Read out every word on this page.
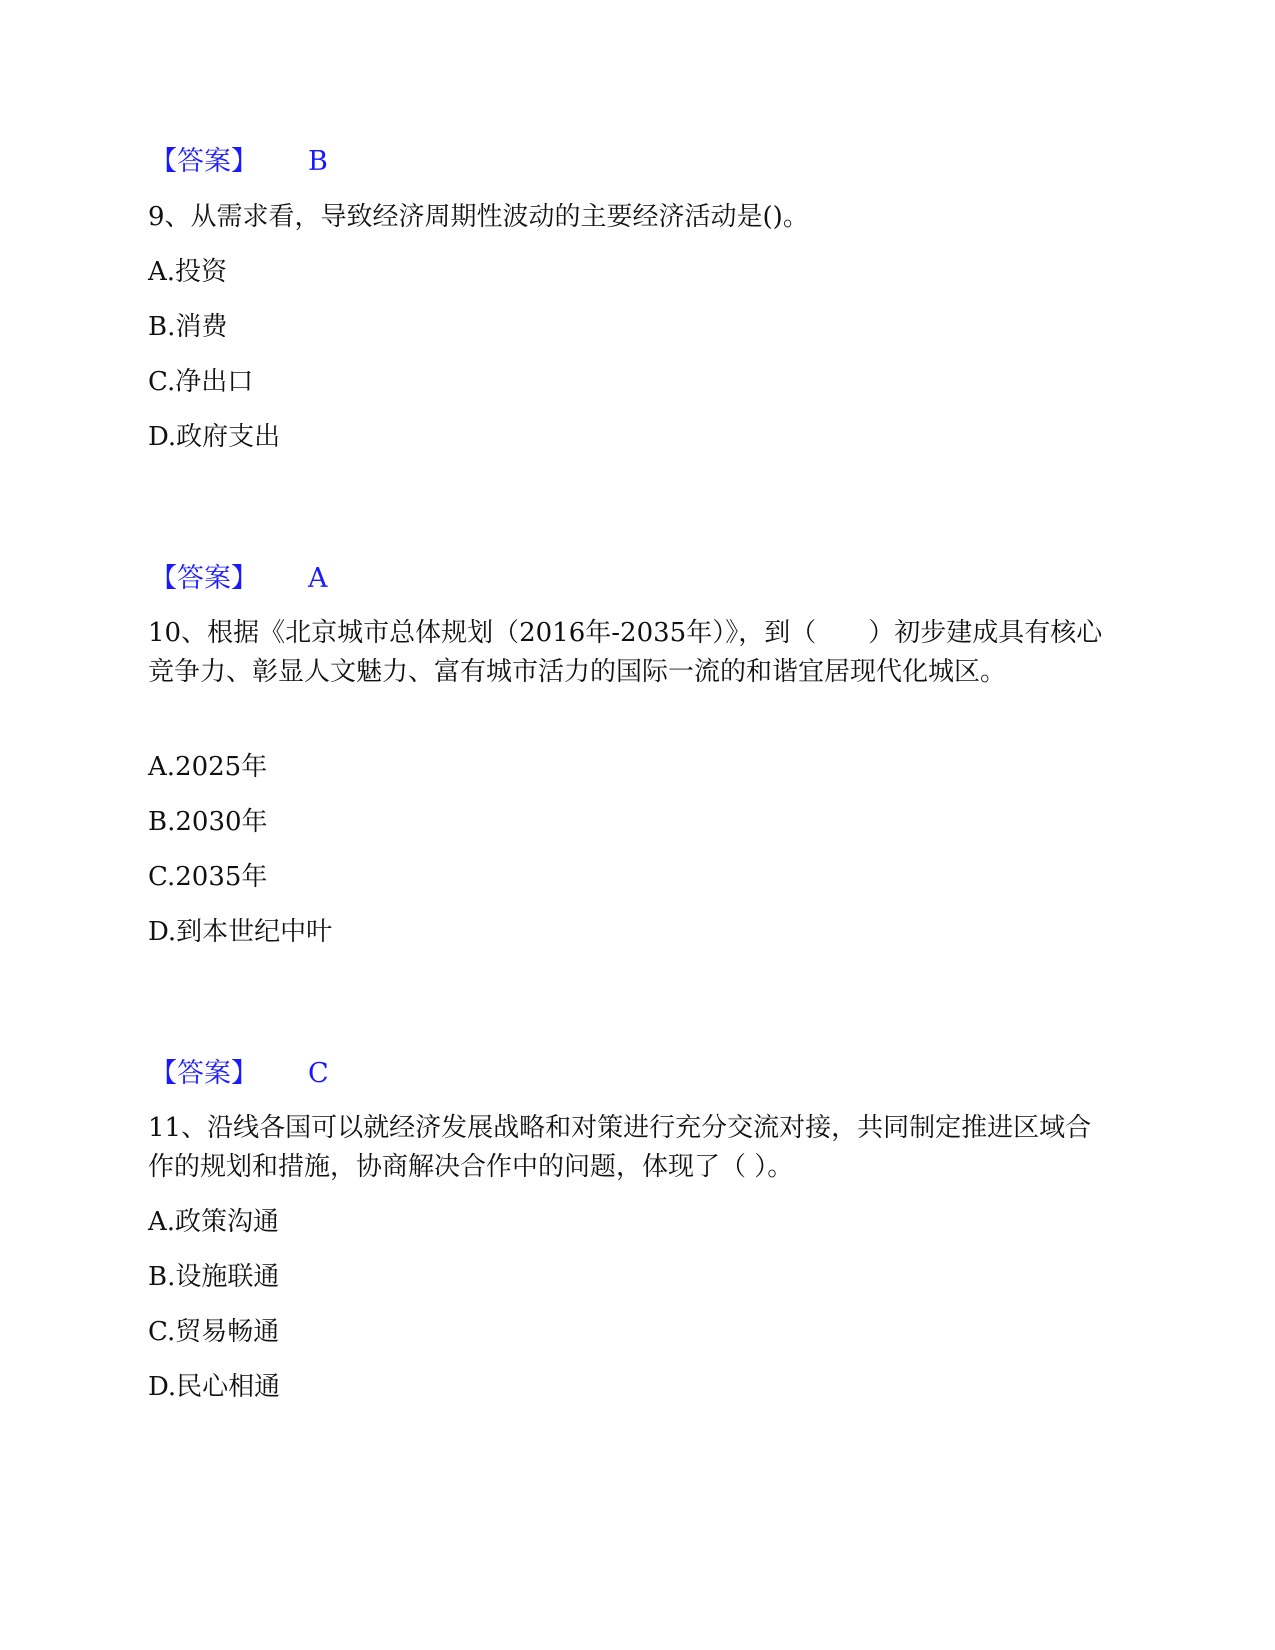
【答案】 B
9、从需求看，导致经济周期性波动的主要经济活动是()。
A.投资
B.消费
C.净出口
D.政府支出
【答案】 A
10、根据《北京城市总体规划（2016年-2035年）》，到（　　）初步建成具有核心竞争力、彰显人文魅力、富有城市活力的国际一流的和谐宜居现代化城区。
A.2025年
B.2030年
C.2035年
D.到本世纪中叶
【答案】 C
11、沿线各国可以就经济发展战略和对策进行充分交流对接，共同制定推进区域合作的规划和措施，协商解决合作中的问题，体现了（ ）。
A.政策沟通
B.设施联通
C.贸易畅通
D.民心相通
